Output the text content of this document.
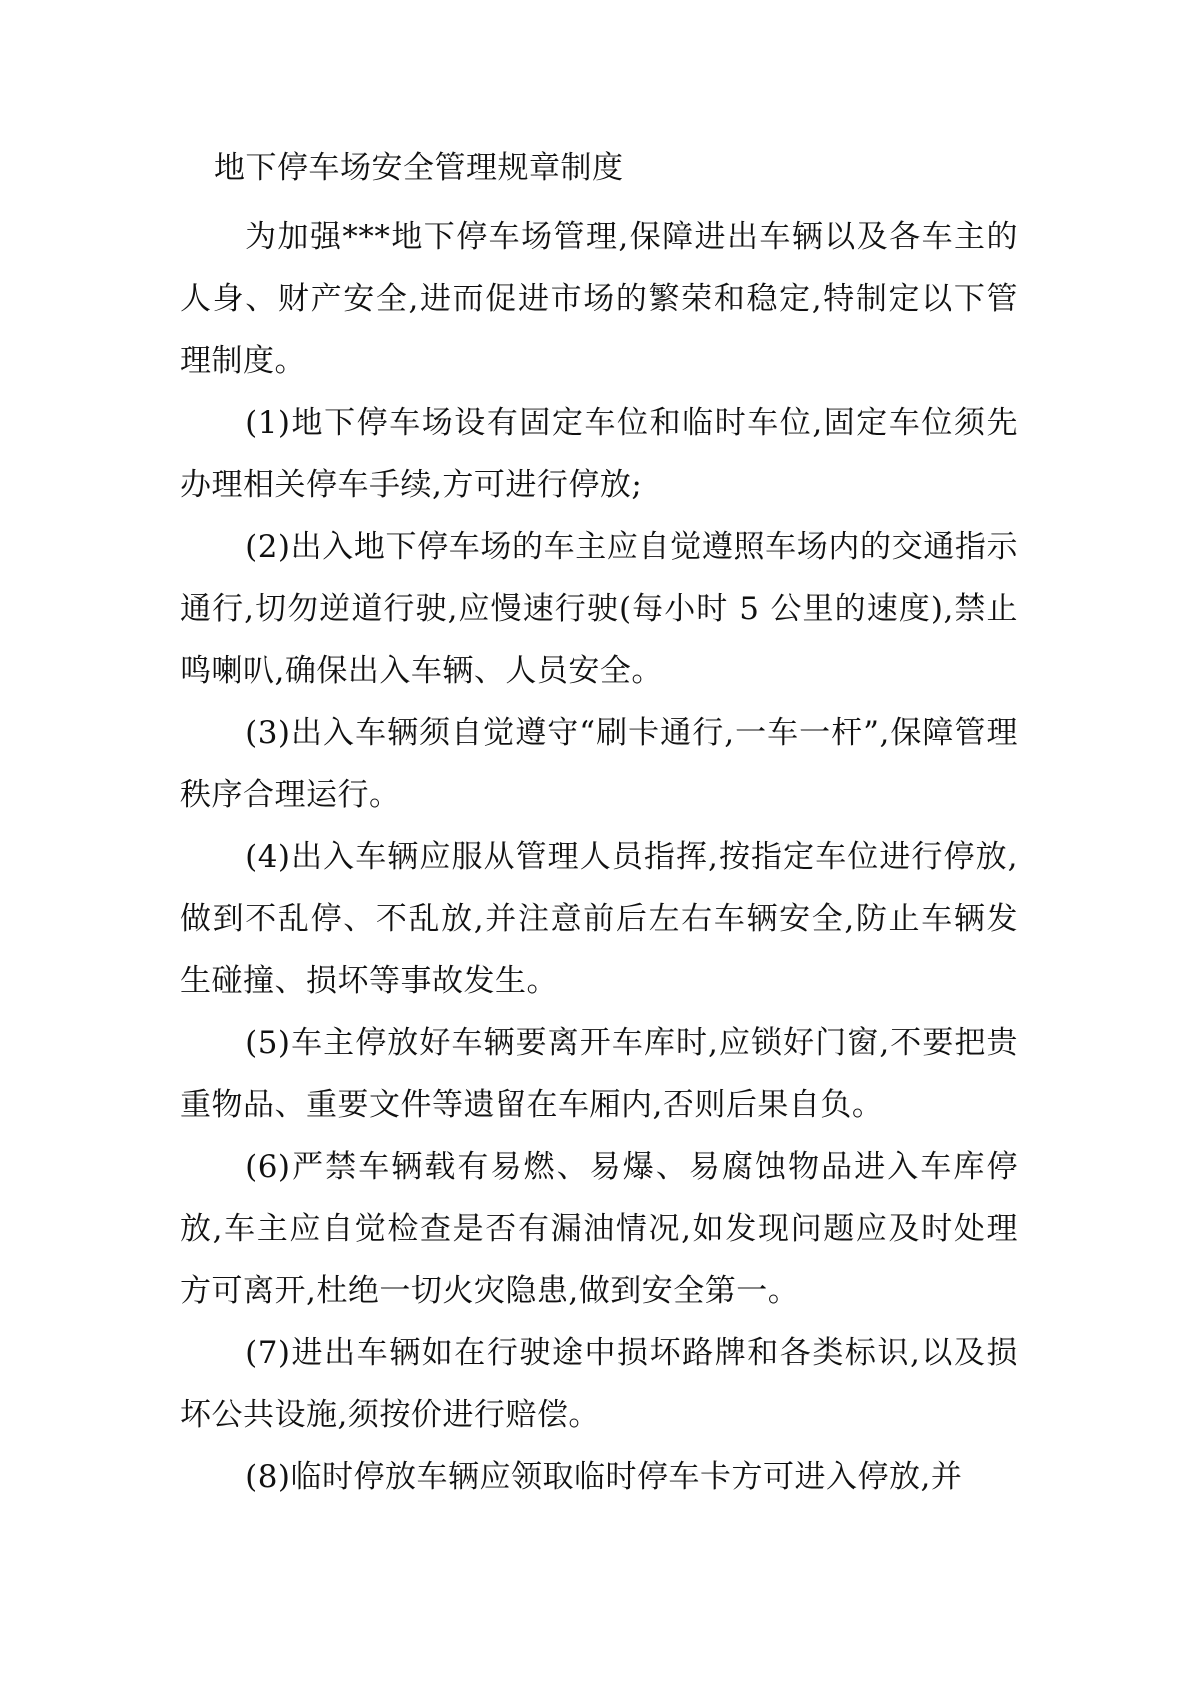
地下停车场安全管理规章制度

为加强***地下停车场管理,保障进出车辆以及各车主的人身、财产安全,进而促进市场的繁荣和稳定,特制定以下管理制度。

(1)地下停车场设有固定车位和临时车位,固定车位须先办理相关停车手续,方可进行停放;

(2)出入地下停车场的车主应自觉遵照车场内的交通指示通行,切勿逆道行驶,应慢速行驶(每小时 5 公里的速度),禁止鸣喇叭,确保出入车辆、人员安全。

(3)出入车辆须自觉遵守“刷卡通行,一车一杆”,保障管理秩序合理运行。

(4)出入车辆应服从管理人员指挥,按指定车位进行停放,做到不乱停、不乱放,并注意前后左右车辆安全,防止车辆发生碰撞、损坏等事故发生。

(5)车主停放好车辆要离开车库时,应锁好门窗,不要把贵重物品、重要文件等遗留在车厢内,否则后果自负。

(6)严禁车辆载有易燃、易爆、易腐蚀物品进入车库停放,车主应自觉检查是否有漏油情况,如发现问题应及时处理方可离开,杜绝一切火灾隐患,做到安全第一。

(7)进出车辆如在行驶途中损坏路牌和各类标识,以及损坏公共设施,须按价进行赔偿。

(8)临时停放车辆应领取临时停车卡方可进入停放,并
